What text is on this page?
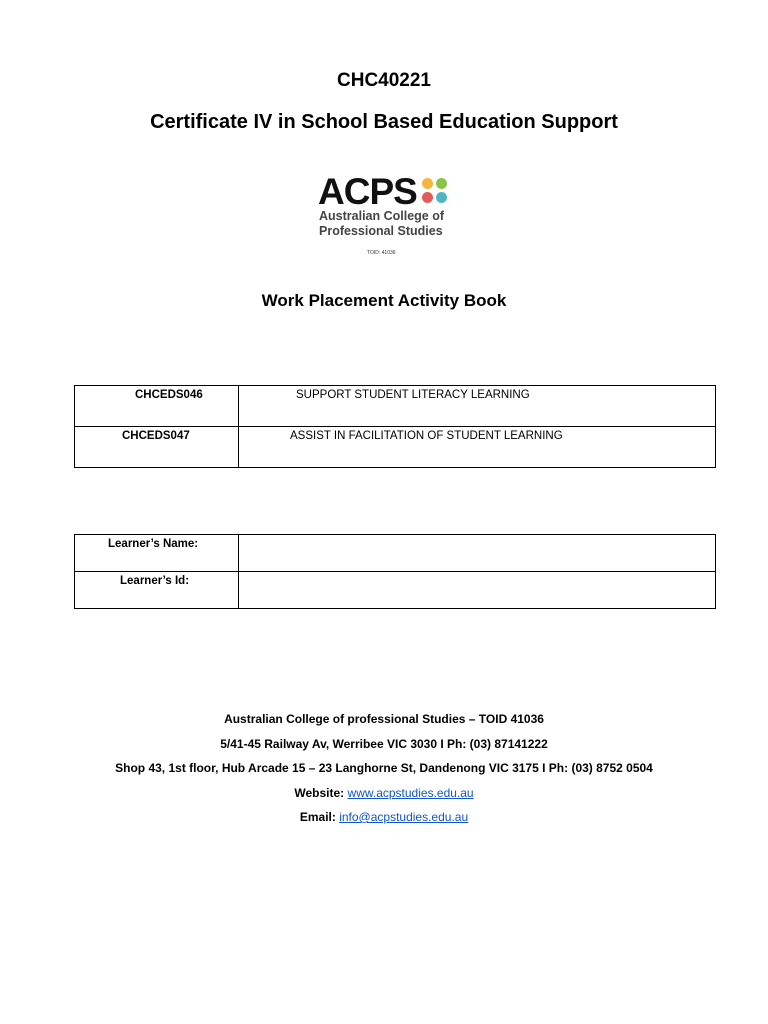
CHC40221
Certificate IV in School Based Education Support
ACPS
Australian College of
Professional Studies
TOID: 41036
Work Placement Activity Book
CHCEDS046	SUPPORT STUDENT LITERACY LEARNING

CHCEDS047	ASSIST IN FACILITATION OF STUDENT LEARNING
Learner’s Name:	

Learner’s Id:	

Australian College of professional Studies – TOID 41036
5/41-45 Railway Av, Werribee VIC 3030 I Ph: (03) 87141222
Shop 43, 1st floor, Hub Arcade 15 – 23 Langhorne St, Dandenong VIC 3175 I Ph: (03) 8752 0504
Website: www.acpstudies.edu.au
Email: info@acpstudies.edu.au
